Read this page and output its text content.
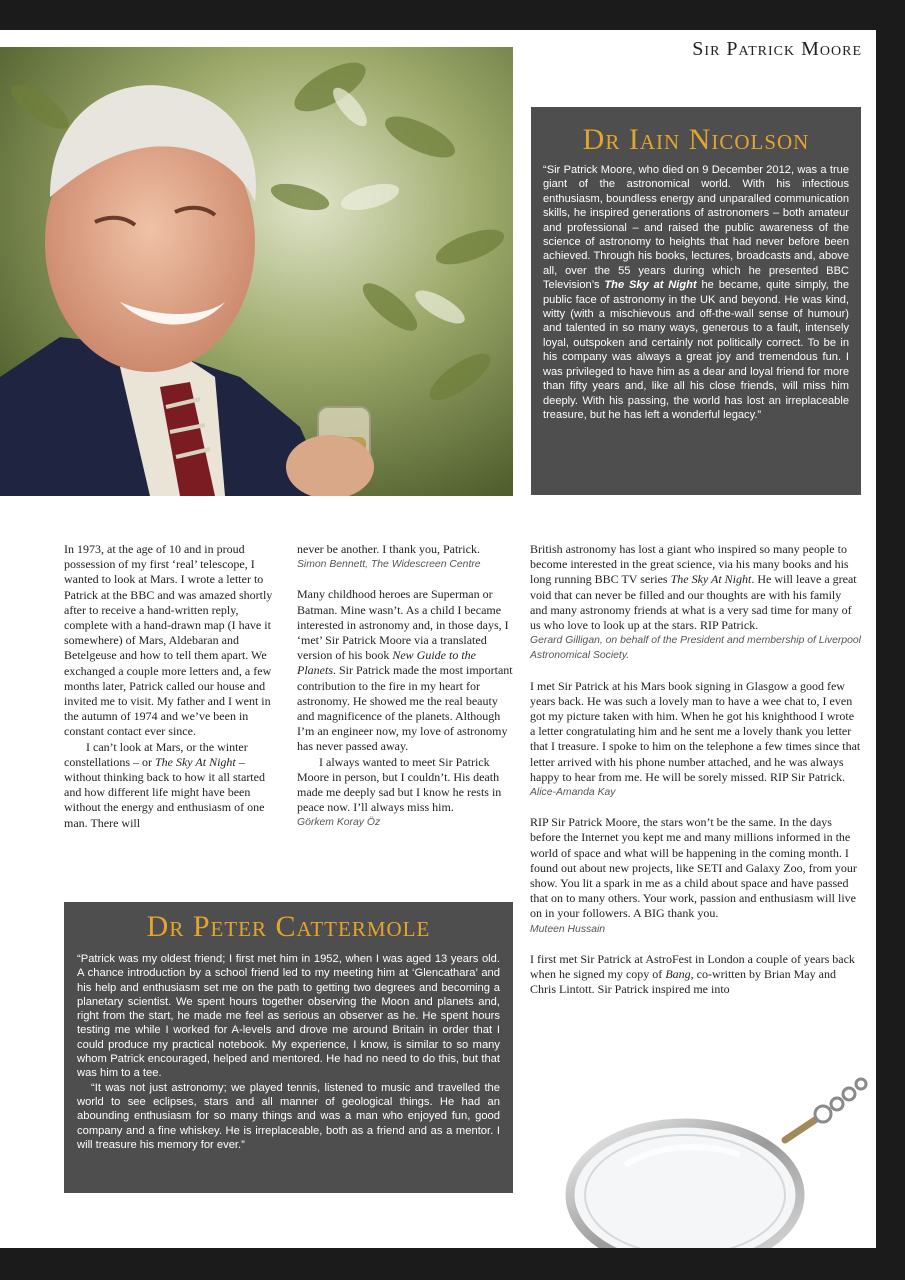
Sir Patrick Moore
Dr Iain Nicolson

“Sir Patrick Moore, who died on 9 December 2012, was a true giant of the astronomical world. With his infectious enthusiasm, boundless energy and unparalled communication skills, he inspired generations of astronomers – both amateur and professional – and raised the public awareness of the science of astronomy to heights that had never before been achieved. Through his books, lectures, broadcasts and, above all, over the 55 years during which he presented BBC Television’s The Sky at Night he became, quite simply, the public face of astronomy in the UK and beyond. He was kind, witty (with a mischievous and off-the-wall sense of humour) and talented in so many ways, generous to a fault, intensely loyal, outspoken and certainly not politically correct. To be in his company was always a great joy and tremendous fun. I was privileged to have him as a dear and loyal friend for more than fifty years and, like all his close friends, will miss him deeply. With his passing, the world has lost an irreplaceable treasure, but he has left a wonderful legacy.”

In 1973, at the age of 10 and in proud possession of my first ‘real’ telescope, I wanted to look at Mars. I wrote a letter to Patrick at the BBC and was amazed shortly after to receive a hand-written reply, complete with a hand-drawn map (I have it somewhere) of Mars, Aldebaran and Betelgeuse and how to tell them apart. We exchanged a couple more letters and, a few months later, Patrick called our house and invited me to visit. My father and I went in the autumn of 1974 and we’ve been in constant contact ever since.

I can’t look at Mars, or the winter constellations – or The Sky At Night – without thinking back to how it all started and how different life might have been without the energy and enthusiasm of one man. There will

never be another. I thank you, Patrick.

Simon Bennett, The Widescreen Centre

Many childhood heroes are Superman or Batman. Mine wasn’t. As a child I became interested in astronomy and, in those days, I ‘met’ Sir Patrick Moore via a translated version of his book New Guide to the Planets. Sir Patrick made the most important contribution to the fire in my heart for astronomy. He showed me the real beauty and magnificence of the planets. Although I’m an engineer now, my love of astronomy has never passed away.

I always wanted to meet Sir Patrick Moore in person, but I couldn’t. His death made me deeply sad but I know he rests in peace now. I’ll always miss him.

Görkem Koray Öz

British astronomy has lost a giant who inspired so many people to become interested in the great science, via his many books and his long running BBC TV series The Sky At Night. He will leave a great void that can never be filled and our thoughts are with his family and many astronomy friends at what is a very sad time for many of us who love to look up at the stars. RIP Patrick.

Gerard Gilligan, on behalf of the President and membership of Liverpool Astronomical Society.

I met Sir Patrick at his Mars book signing in Glasgow a good few years back. He was such a lovely man to have a wee chat to, I even got my picture taken with him. When he got his knighthood I wrote a letter congratulating him and he sent me a lovely thank you letter that I treasure. I spoke to him on the telephone a few times since that letter arrived with his phone number attached, and he was always happy to hear from me. He will be sorely missed. RIP Sir Patrick.

Alice-Amanda Kay

RIP Sir Patrick Moore, the stars won’t be the same. In the days before the Internet you kept me and many millions informed in the world of space and what will be happening in the coming month. I found out about new projects, like SETI and Galaxy Zoo, from your show. You lit a spark in me as a child about space and have passed that on to many others. Your work, passion and enthusiasm will live on in your followers. A BIG thank you.

Muteen Hussain

I first met Sir Patrick at AstroFest in London a couple of years back when he signed my copy of Bang, co-written by Brian May and Chris Lintott. Sir Patrick inspired me into

Dr Peter Cattermole

“Patrick was my oldest friend; I first met him in 1952, when I was aged 13 years old. A chance introduction by a school friend led to my meeting him at ‘Glencathara’ and his help and enthusiasm set me on the path to getting two degrees and becoming a planetary scientist. We spent hours together observing the Moon and planets and, right from the start, he made me feel as serious an observer as he. He spent hours testing me while I worked for A-levels and drove me around Britain in order that I could produce my practical notebook. My experience, I know, is similar to so many whom Patrick encouraged, helped and mentored. He had no need to do this, but that was him to a tee.

“It was not just astronomy; we played tennis, listened to music and travelled the world to see eclipses, stars and all manner of geological things. He had an abounding enthusiasm for so many things and was a man who enjoyed fun, good company and a fine whiskey. He is irreplaceable, both as a friend and as a mentor. I will treasure his memory for ever.”
